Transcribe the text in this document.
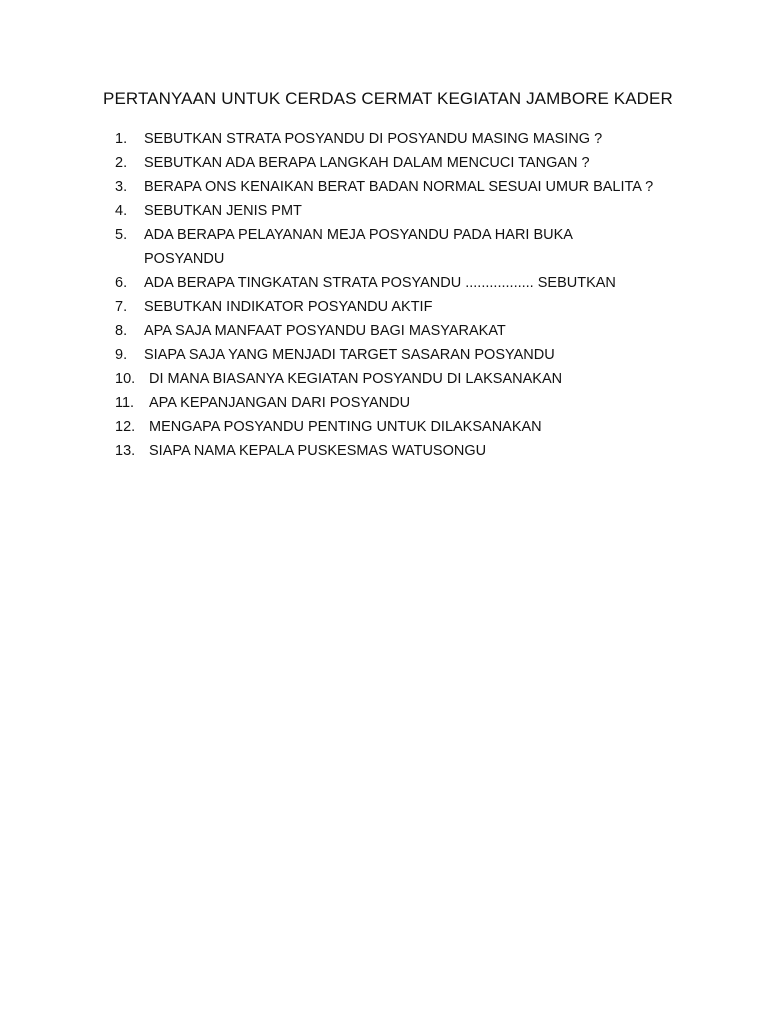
PERTANYAAN UNTUK CERDAS CERMAT KEGIATAN JAMBORE KADER
1.	SEBUTKAN STRATA POSYANDU DI POSYANDU MASING MASING ?
2.	SEBUTKAN ADA BERAPA LANGKAH DALAM MENCUCI TANGAN ?
3.	BERAPA ONS KENAIKAN BERAT BADAN NORMAL SESUAI UMUR BALITA ?
4.	SEBUTKAN JENIS PMT
5.	ADA BERAPA PELAYANAN MEJA POSYANDU PADA HARI BUKA
POSYANDU
6.	ADA BERAPA TINGKATAN STRATA POSYANDU ................. SEBUTKAN
7.	SEBUTKAN INDIKATOR POSYANDU AKTIF
8.	APA SAJA MANFAAT POSYANDU BAGI MASYARAKAT
9.	SIAPA SAJA YANG MENJADI TARGET SASARAN POSYANDU
10. DI MANA BIASANYA KEGIATAN POSYANDU DI LAKSANAKAN
11.	APA KEPANJANGAN DARI POSYANDU
12. MENGAPA POSYANDU PENTING UNTUK DILAKSANAKAN
13. SIAPA NAMA KEPALA PUSKESMAS WATUSONGU
